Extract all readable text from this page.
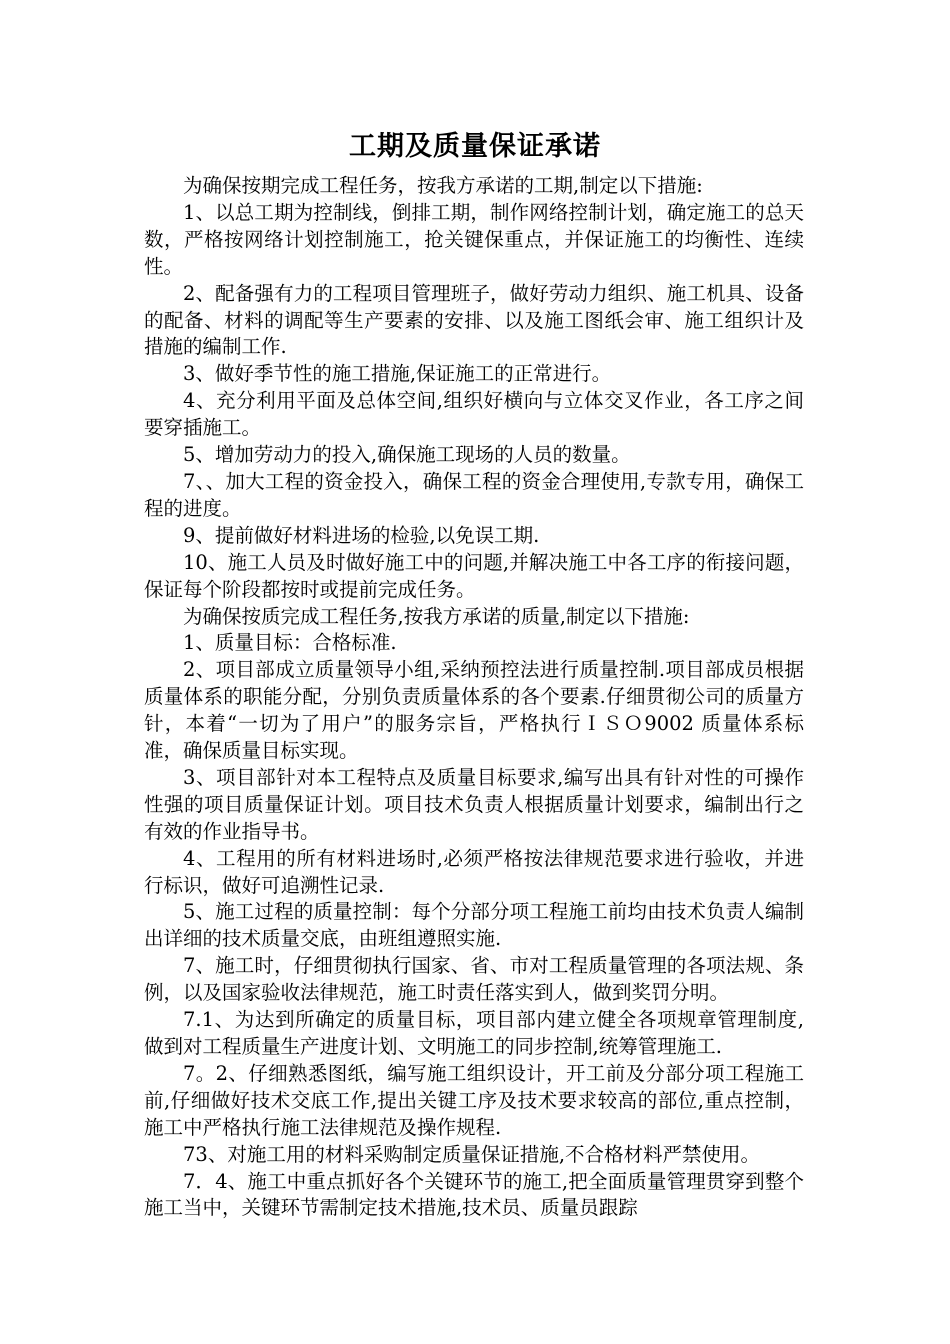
工期及质量保证承诺

为确保按期完成工程任务，按我方承诺的工期,制定以下措施:

1、以总工期为控制线，倒排工期，制作网络控制计划，确定施工的总天数，严格按网络计划控制施工，抢关键保重点，并保证施工的均衡性、连续性。

2、配备强有力的工程项目管理班子，做好劳动力组织、施工机具、设备的配备、材料的调配等生产要素的安排、以及施工图纸会审、施工组织计及措施的编制工作.

3、做好季节性的施工措施,保证施工的正常进行。

4、充分利用平面及总体空间,组织好横向与立体交叉作业，各工序之间要穿插施工。

5、增加劳动力的投入,确保施工现场的人员的数量。

7、、加大工程的资金投入，确保工程的资金合理使用,专款专用，确保工程的进度。

9、提前做好材料进场的检验,以免误工期.

10、施工人员及时做好施工中的问题,并解决施工中各工序的衔接问题，保证每个阶段都按时或提前完成任务。

为确保按质完成工程任务,按我方承诺的质量,制定以下措施:

1、质量目标：合格标准.

2、项目部成立质量领导小组,采纳预控法进行质量控制.项目部成员根据质量体系的职能分配，分别负责质量体系的各个要素.仔细贯彻公司的质量方针，本着“一切为了用户”的服务宗旨，严格执行ＩＳＯ9002 质量体系标准，确保质量目标实现。

3、项目部针对本工程特点及质量目标要求,编写出具有针对性的可操作性强的项目质量保证计划。项目技术负责人根据质量计划要求，编制出行之有效的作业指导书。

4、工程用的所有材料进场时,必须严格按法律规范要求进行验收，并进行标识，做好可追溯性记录.

5、施工过程的质量控制：每个分部分项工程施工前均由技术负责人编制出详细的技术质量交底，由班组遵照实施.

7、施工时，仔细贯彻执行国家、省、市对工程质量管理的各项法规、条例，以及国家验收法律规范，施工时责任落实到人，做到奖罚分明。

7.1、为达到所确定的质量目标，项目部内建立健全各项规章管理制度,做到对工程质量生产进度计划、文明施工的同步控制,统筹管理施工.

7。2、仔细熟悉图纸，编写施工组织设计，开工前及分部分项工程施工前,仔细做好技术交底工作,提出关键工序及技术要求较高的部位,重点控制，施工中严格执行施工法律规范及操作规程.

73、对施工用的材料采购制定质量保证措施,不合格材料严禁使用。

7．4、施工中重点抓好各个关键环节的施工,把全面质量管理贯穿到整个施工当中，关键环节需制定技术措施,技术员、质量员跟踪
